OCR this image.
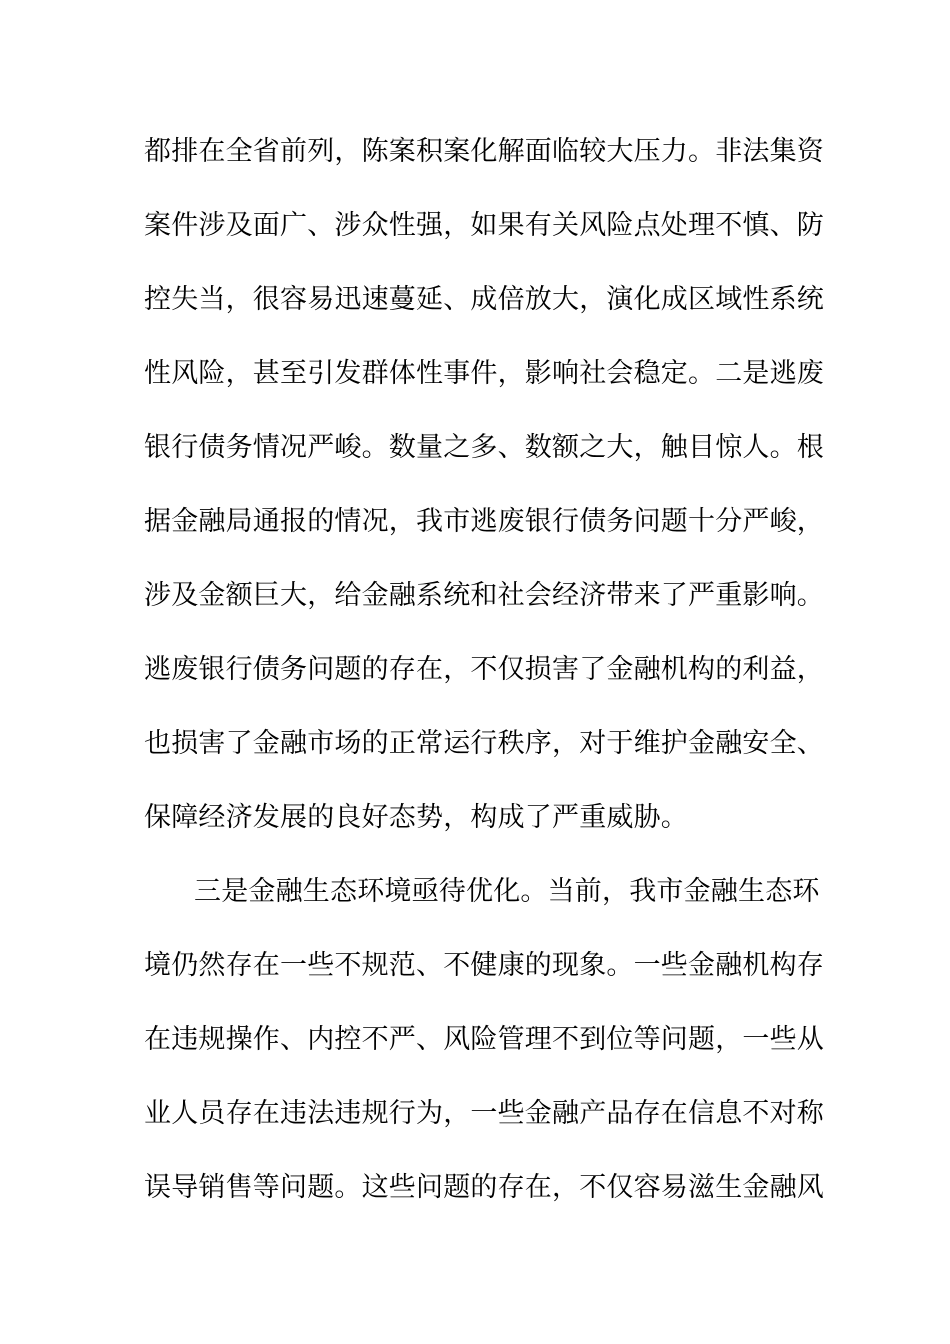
都排在全省前列，陈案积案化解面临较大压力。非法集资
案件涉及面广、涉众性强，如果有关风险点处理不慎、防
控失当，很容易迅速蔓延、成倍放大，演化成区域性系统
性风险，甚至引发群体性事件，影响社会稳定。二是逃废
银行债务情况严峻。数量之多、数额之大，触目惊人。根
据金融局通报的情况，我市逃废银行债务问题十分严峻，
涉及金额巨大，给金融系统和社会经济带来了严重影响。
逃废银行债务问题的存在，不仅损害了金融机构的利益，
也损害了金融市场的正常运行秩序，对于维护金融安全、
保障经济发展的良好态势，构成了严重威胁。
三是金融生态环境亟待优化。当前，我市金融生态环
境仍然存在一些不规范、不健康的现象。一些金融机构存
在违规操作、内控不严、风险管理不到位等问题，一些从
业人员存在违法违规行为，一些金融产品存在信息不对称
误导销售等问题。这些问题的存在，不仅容易滋生金融风
